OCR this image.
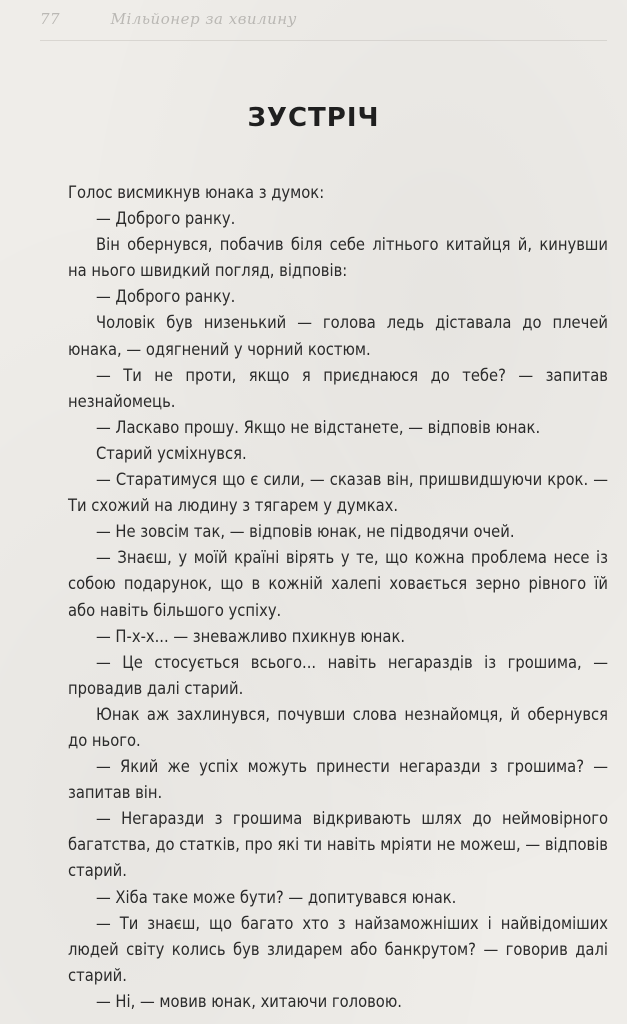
77	Мільйонер за хвилину
ЗУСТРІЧ

Голос висмикнув юнака з думок:

— Доброго ранку.

Він обернувся, побачив біля себе літнього китайця й, кинувши на нього швидкий погляд, відповів:

— Доброго ранку.

Чоловік був низенький — голова ледь діставала до плечей юнака, — одягнений у чорний костюм.

— Ти не проти, якщо я приєднаюся до тебе? — запитав незнайомець.

— Ласкаво прошу. Якщо не відстанете, — відповів юнак.

Старий усміхнувся.

— Старатимуся що є сили, — сказав він, пришвидшуючи крок. — Ти схожий на людину з тягарем у думках.

— Не зовсім так, — відповів юнак, не підводячи очей.

— Знаєш, у моїй країні вірять у те, що кожна проблема несе із собою подарунок, що в кожній халепі ховається зерно рівного їй або навіть більшого успіху.

— П-х-х... — зневажливо пхикнув юнак.

— Це стосується всього... навіть негараздів із грошима, — провадив далі старий.

Юнак аж захлинувся, почувши слова незнайомця, й обернувся до нього.

— Який же успіх можуть принести негаразди з грошима? — запитав він.

— Негаразди з грошима відкривають шлях до неймовірного багатства, до статків, про які ти навіть мріяти не можеш, — відповів старий.

— Хіба таке може бути? — допитувався юнак.

— Ти знаєш, що багато хто з найзаможніших і найвідоміших людей світу колись був злидарем або банкрутом? — говорив далі старий.

— Ні, — мовив юнак, хитаючи головою.
